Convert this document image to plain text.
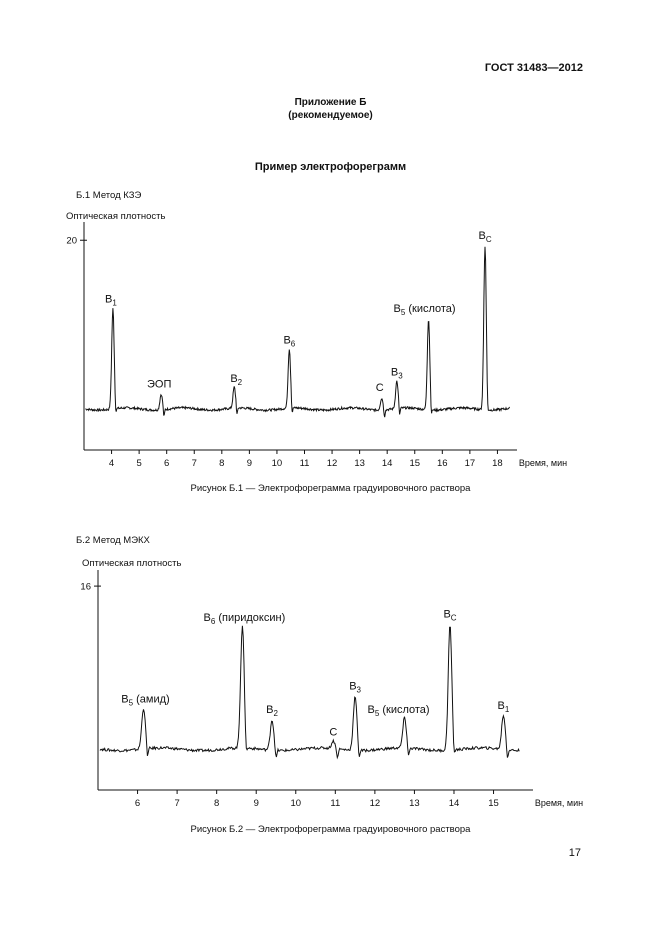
ГОСТ 31483—2012
Приложение Б
(рекомендуемое)
Пример электрофореграмм
Б.1 Метод КЗЭ
Оптическая плотность
20
4 5 6 7 8 9 10 11 12 13 14 15 16 17 18 Время, мин
$B_1$
ЭОП	$B_2$
$B_6$
C
$B_3$
$B_5$ (кислота)
$B_C$
16
6	7	8	9	10	11	12	13	14	15	Время, мин
$B_5$ (амид)
$B_6$ (пиридоксин)
$B_2$
C
$B_3$
$B_5$ (кислота)
$B_C$
$B_1$
Рисунок Б.1 — Электрофореграмма градуировочного раствора
Б.2 Метод МЭКХ
Оптическая плотность
Рисунок Б.2 — Электрофореграмма градуировочного раствора
17
